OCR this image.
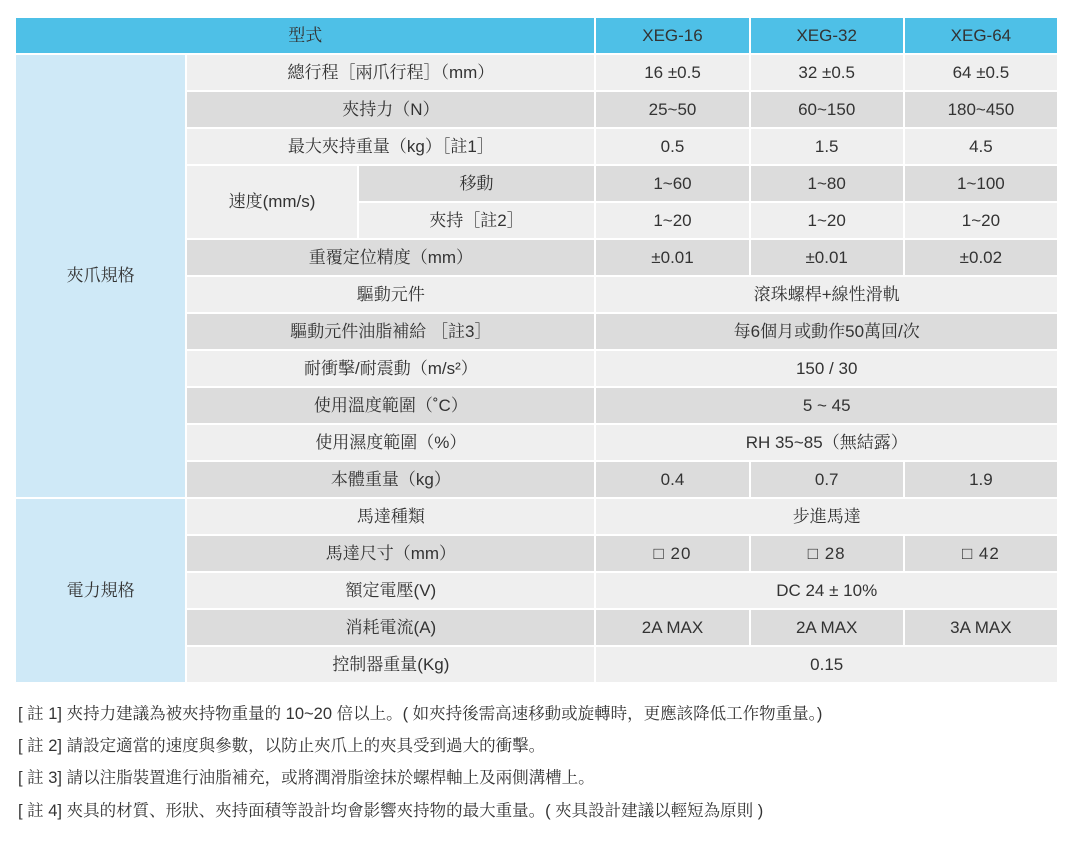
型式			XEG-16	XEG-32	XEG-64
夾爪規格	總行程［兩爪行程］（mm）		16 ±0.5	32 ±0.5	64 ±0.5
	夾持力（N）		25~50	60~150	180~450
	最大夾持重量（kg）［註1］		0.5	1.5	4.5
	速度(mm/s)	移動	1~60	1~80	1~100
		夾持［註2］	1~20	1~20	1~20
	重覆定位精度（mm）		±0.01	±0.01	±0.02
	驅動元件		滾珠螺桿+線性滑軌		
	驅動元件油脂補給 ［註3］		每6個月或動作50萬回/次		
	耐衝擊/耐震動（m/s²）		150 / 30		
	使用溫度範圍（˚C）		5 ~ 45		
	使用濕度範圍（%）		RH 35~85（無結露）		
	本體重量（kg）		0.4	0.7	1.9
電力規格	馬達種類		步進馬達		
	馬達尺寸（mm）		□ 20	□ 28	□ 42
	額定電壓(V)		DC 24 ± 10%		
	消耗電流(A)		2A MAX	2A MAX	3A MAX
	控制器重量(Kg)		0.15		
[ 註 1] 夾持力建議為被夾持物重量的 10~20 倍以上。( 如夾持後需高速移動或旋轉時，更應該降低工作物重量。)
[ 註 2] 請設定適當的速度與參數，以防止夾爪上的夾具受到過大的衝擊。
[ 註 3] 請以注脂裝置進行油脂補充，或將潤滑脂塗抹於螺桿軸上及兩側溝槽上。
[ 註 4] 夾具的材質、形狀、夾持面積等設計均會影響夾持物的最大重量。( 夾具設計建議以輕短為原則 )
